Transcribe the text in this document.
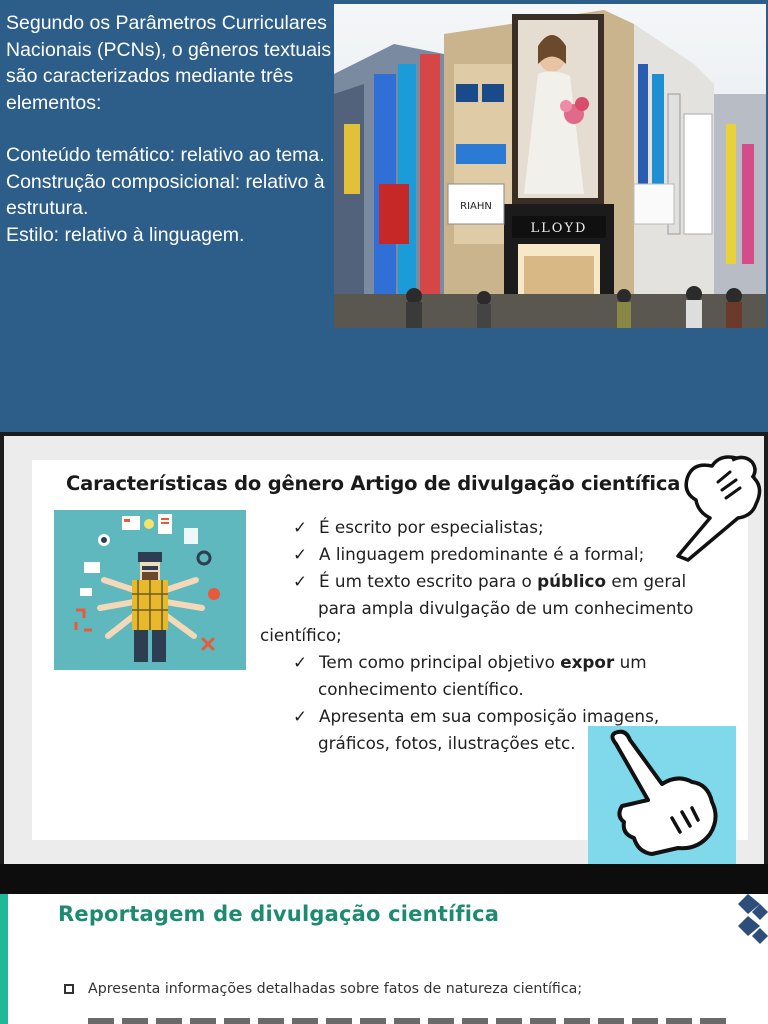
Segundo os Parâmetros Curriculares Nacionais (PCNs), o gêneros textuais são caracterizados mediante três elementos:

Conteúdo temático: relativo ao tema.

Construção composicional: relativo à estrutura.

Estilo: relativo à linguagem.	LLOYD
RIAHN
Características do gênero Artigo de divulgação científica
✓ É escrito por especialistas;
✓ A linguagem predominante é a formal;
✓ É um texto escrito para o público em geral
para ampla divulgação de um conhecimento
científico;
✓ Tem como principal objetivo expor um
conhecimento científico.
✓ Apresenta em sua composição imagens,
gráficos, fotos, ilustrações etc.
Reportagem de divulgação científica
Apresenta informações detalhadas sobre fatos de natureza científica;
